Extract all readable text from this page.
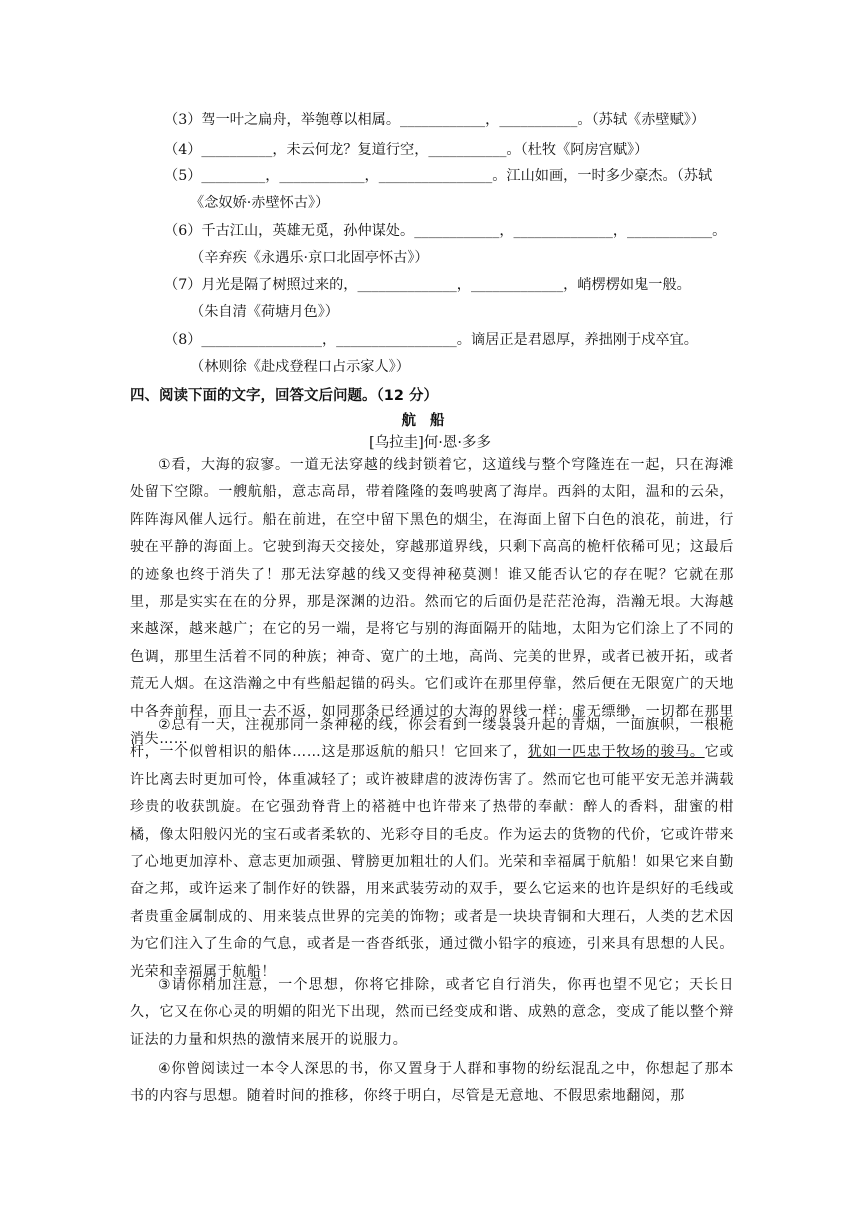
（3）驾一叶之扁舟，举匏尊以相属。____________，___________。（苏轼《赤壁赋》）
（4）__________，未云何龙？复道行空，___________。（杜牧《阿房宫赋》）
（5）_________，____________，________________。江山如画，一时多少豪杰。（苏轼
《念奴娇·赤壁怀古》）
（6）千古江山，英雄无觅，孙仲谋处。____________，______________，____________。
（辛弃疾《永遇乐·京口北固亭怀古》）
（7）月光是隔了树照过来的，______________，_____________，峭楞楞如鬼一般。
（朱自清《荷塘月色》）
（8）_________________，_________________。谪居正是君恩厚，养拙刚于戍卒宜。
（林则徐《赴戍登程口占示家人》）
四、阅读下面的文字，回答文后问题。（12 分）
航船
[乌拉圭]何·恩·多多
①看，大海的寂寥。一道无法穿越的线封锁着它，这道线与整个穹隆连在一起，只在海滩处留下空隙。一艘航船，意志高昂，带着隆隆的轰鸣驶离了海岸。西斜的太阳，温和的云朵，阵阵海风催人远行。船在前进，在空中留下黑色的烟尘，在海面上留下白色的浪花，前进，行驶在平静的海面上。它驶到海天交接处，穿越那道界线，只剩下高高的桅杆依稀可见；这最后的迹象也终于消失了！那无法穿越的线又变得神秘莫测！谁又能否认它的存在呢？它就在那里，那是实实在在的分界，那是深渊的边沿。然而它的后面仍是茫茫沧海，浩瀚无垠。大海越来越深，越来越广；在它的另一端，是将它与别的海面隔开的陆地，太阳为它们涂上了不同的色调，那里生活着不同的种族；神奇、宽广的土地，高尚、完美的世界，或者已被开拓，或者荒无人烟。在这浩瀚之中有些船起锚的码头。它们或许在那里停靠，然后便在无限宽广的天地中各奔前程，而且一去不返，如同那条已经通过的大海的界线一样：虚无缥缈，一切都在那里消失……
②总有一天，注视那同一条神秘的线，你会看到一缕袅袅升起的青烟，一面旗帜，一根桅杆，一个似曾相识的船体……这是那返航的船只！它回来了，犹如一匹忠于牧场的骏马。它或许比离去时更加可怜，体重减轻了；或许被肆虐的波涛伤害了。然而它也可能平安无恙并满载珍贵的收获凯旋。在它强劲脊背上的褡裢中也许带来了热带的奉献：醉人的香料，甜蜜的柑橘，像太阳般闪光的宝石或者柔软的、光彩夺目的毛皮。作为运去的货物的代价，它或许带来了心地更加淳朴、意志更加顽强、臂膀更加粗壮的人们。光荣和幸福属于航船！如果它来自勤奋之邦，或许运来了制作好的铁器，用来武装劳动的双手，要么它运来的也许是织好的毛线或者贵重金属制成的、用来装点世界的完美的饰物；或者是一块块青铜和大理石，人类的艺术因为它们注入了生命的气息，或者是一沓沓纸张，通过微小铅字的痕迹，引来具有思想的人民。光荣和幸福属于航船！
③请你稍加注意，一个思想，你将它排除，或者它自行消失，你再也望不见它；天长日久，它又在你心灵的明媚的阳光下出现，然而已经变成和谐、成熟的意念，变成了能以整个辩证法的力量和炽热的激情来展开的说服力。
④你曾阅读过一本令人深思的书，你又置身于人群和事物的纷纭混乱之中，你想起了那本书的内容与思想。随着时间的推移，你终于明白，尽管是无意地、不假思索地翻阅，那
